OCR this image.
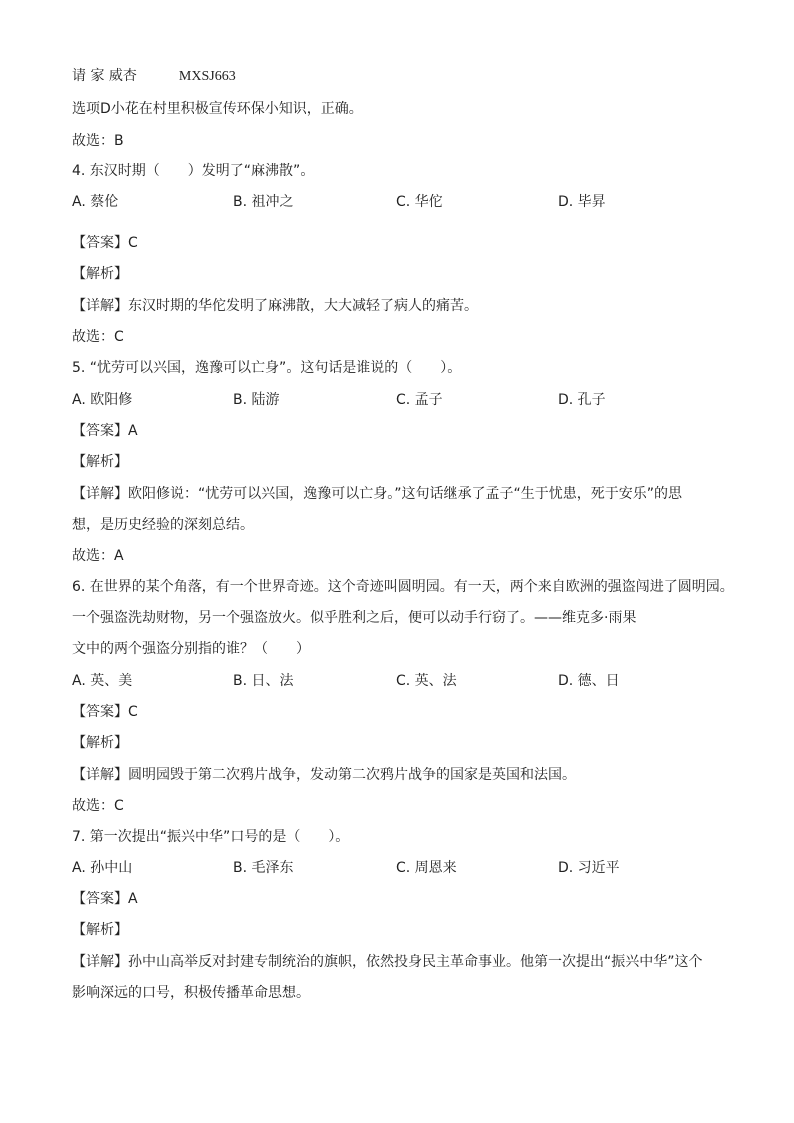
请 家 威杏	MXSJ663
选项D小花在村里积极宣传环保小知识，正确。
故选：B
4. 东汉时期（　　）发明了“麻沸散”。
A. 蔡伦	B. 祖冲之	C. 华佗	D. 毕昇
【答案】C
【解析】
【详解】东汉时期的华佗发明了麻沸散，大大减轻了病人的痛苦。
故选：C
5. “忧劳可以兴国，逸豫可以亡身”。这句话是谁说的（　　）。
A. 欧阳修	B. 陆游	C. 孟子	D. 孔子
【答案】A
【解析】
【详解】欧阳修说：“忧劳可以兴国，逸豫可以亡身。”这句话继承了孟子“生于忧患，死于安乐”的思
想，是历史经验的深刻总结。
故选：A
6. 在世界的某个角落，有一个世界奇迹。这个奇迹叫圆明园。有一天，两个来自欧洲的强盗闯进了圆明园。
一个强盗洗劫财物，另一个强盗放火。似乎胜利之后，便可以动手行窃了。——维克多·雨果
文中的两个强盗分别指的谁？（　　）
A. 英、美	B. 日、法	C. 英、法	D. 德、日
【答案】C
【解析】
【详解】圆明园毁于第二次鸦片战争，发动第二次鸦片战争的国家是英国和法国。
故选：C
7. 第一次提出“振兴中华”口号的是（　　）。
A. 孙中山	B. 毛泽东	C. 周恩来	D. 习近平
【答案】A
【解析】
【详解】孙中山高举反对封建专制统治的旗帜，依然投身民主革命事业。他第一次提出“振兴中华”这个
影响深远的口号，积极传播革命思想。
